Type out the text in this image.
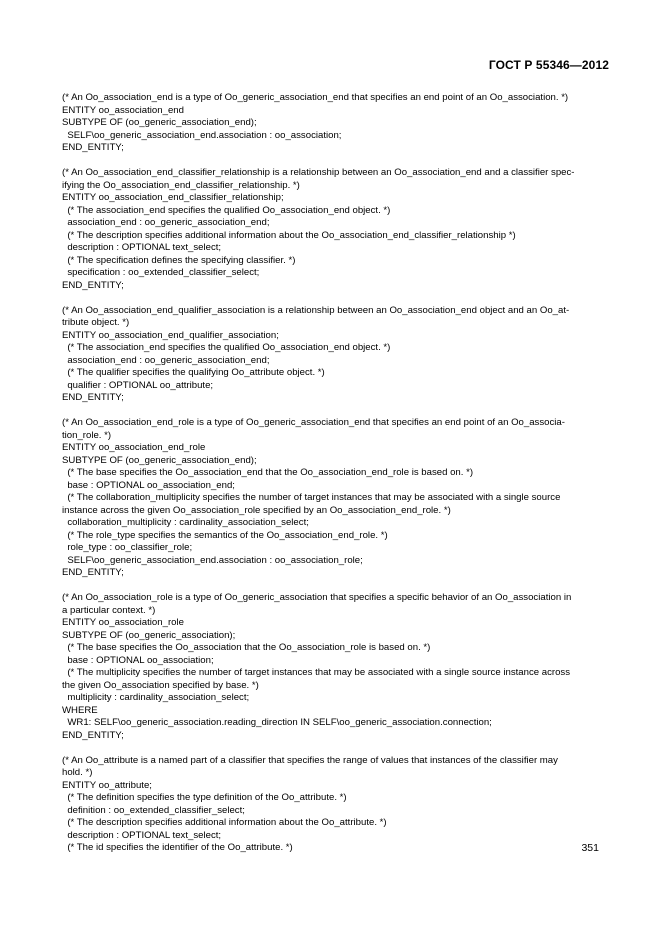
ГОСТ Р 55346—2012
(* An Oo_association_end is a type of Oo_generic_association_end that specifies an end point of an Oo_association. *)
ENTITY oo_association_end
SUBTYPE OF (oo_generic_association_end);
SELF\oo_generic_association_end.association : oo_association;
END_ENTITY;
(* An Oo_association_end_classifier_relationship is a relationship between an Oo_association_end and a classifier spec-
ifying the Oo_association_end_classifier_relationship. *)
ENTITY oo_association_end_classifier_relationship;
(* The association_end specifies the qualified Oo_association_end object. *)
association_end : oo_generic_association_end;
(* The description specifies additional information about the Oo_association_end_classifier_relationship *)
description : OPTIONAL text_select;
(* The specification defines the specifying classifier. *)
specification : oo_extended_classifier_select;
END_ENTITY;
(* An Oo_association_end_qualifier_association is a relationship between an Oo_association_end object and an Oo_at-
tribute object. *)
ENTITY oo_association_end_qualifier_association;
(* The association_end specifies the qualified Oo_association_end object. *)
association_end : oo_generic_association_end;
(* The qualifier specifies the qualifying Oo_attribute object. *)
qualifier : OPTIONAL oo_attribute;
END_ENTITY;
(* An Oo_association_end_role is a type of Oo_generic_association_end that specifies an end point of an Oo_associa-
tion_role. *)
ENTITY oo_association_end_role
SUBTYPE OF (oo_generic_association_end);
(* The base specifies the Oo_association_end that the Oo_association_end_role is based on. *)
base : OPTIONAL oo_association_end;
(* The collaboration_multiplicity specifies the number of target instances that may be associated with a single source
instance across the given Oo_association_role specified by an Oo_association_end_role. *)
collaboration_multiplicity : cardinality_association_select;
(* The role_type specifies the semantics of the Oo_association_end_role. *)
role_type : oo_classifier_role;
SELF\oo_generic_association_end.association : oo_association_role;
END_ENTITY;
(* An Oo_association_role is a type of Oo_generic_association that specifies a specific behavior of an Oo_association in
a particular context. *)
ENTITY oo_association_role
SUBTYPE OF (oo_generic_association);
(* The base specifies the Oo_association that the Oo_association_role is based on. *)
base : OPTIONAL oo_association;
(* The multiplicity specifies the number of target instances that may be associated with a single source instance across
the given Oo_association specified by base. *)
multiplicity : cardinality_association_select;
WHERE
WR1: SELF\oo_generic_association.reading_direction IN SELF\oo_generic_association.connection;
END_ENTITY;
(* An Oo_attribute is a named part of a classifier that specifies the range of values that instances of the classifier may
hold. *)
ENTITY oo_attribute;
(* The definition specifies the type definition of the Oo_attribute. *)
definition : oo_extended_classifier_select;
(* The description specifies additional information about the Oo_attribute. *)
description : OPTIONAL text_select;
(* The id specifies the identifier of the Oo_attribute. *)	351
